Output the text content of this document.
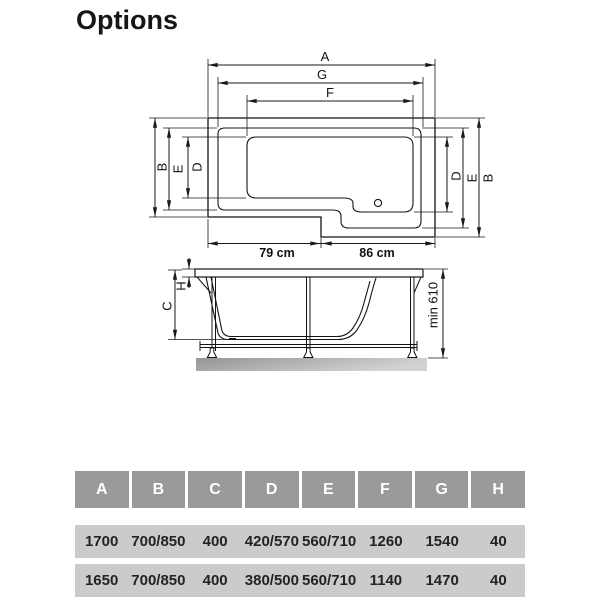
Options
A
G
F
B E D
D E B
79 cm	86 cm
H
C	min 610
A	B	C	D	E	F	G	H
1700 700/850	400	420/570 560/710 1260	1540	40
1650 700/850	400	380/500 560/710 1140	1470	40
